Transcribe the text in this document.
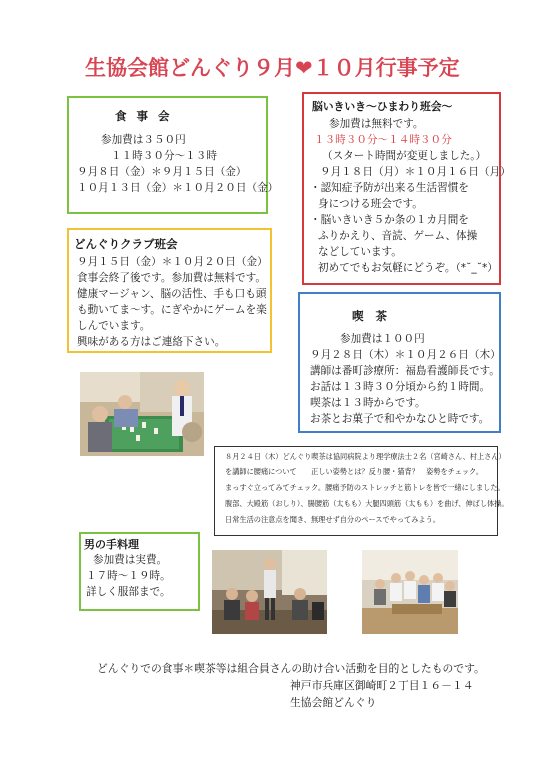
生協会館どんぐり９月❤１０月行事予定
食 事 会
参加費は３５０円
１１時３０分～１３時
９月８日（金）＊９月１５日（金）
１０月１３日（金）＊１０月２０日（金）
脳いきいき～ひまわり班会～
参加費は無料です。
１３時３０分～１４時３０分
（スタート時間が変更しました。）
９月１８日（月）＊１０月１６日（月）
・認知症予防が出来る生活習慣を
身につける班会です。
・脳いきいき５か条の１カ月間を
ふりかえり、音読、ゲーム、体操
などしています。
初めてでもお気軽にどうぞ。（*˘_˘*）
どんぐりクラブ班会
９月１５日（金）＊１０月２０日（金）
食事会終了後です。参加費は無料です。
健康マージャン、脳の活性、手も口も頭
も動いてま～す。にぎやかにゲームを楽
しんでいます。
興味がある方はご連絡下さい。
喫 茶
参加費は１００円
９月２８日（木）＊１０月２６日（木）
講師は番町診療所：福島看護師長です。
お話は１３時３０分頃から約１時間。
喫茶は１３時からです。
お茶とお菓子で和やかなひと時です。
８月２４日（木）どんぐり喫茶は協同病院より理学療法士２名（宮崎さん、村上さん）
を講師に腰痛について　　正しい姿勢とは？反り腰・猫背？　姿勢をチェック。
まっすぐ立ってみてチェック。腰痛予防のストレッチと筋トレを皆で一緒にしました。
腹部、大殿筋（おしり）、腸腰筋（太もも）大腿四頭筋（太もも）を曲げ、伸ばし体操。
日常生活の注意点を聞き、無理せず自分のペースでやってみよう。
男の手料理
参加費は実費。
１７時～１９時。
詳しく服部まで。
どんぐりでの食事＊喫茶等は組合員さんの助け合い活動を目的としたものです。
神戸市兵庫区御崎町２丁目１６－１４
生協会館どんぐり
